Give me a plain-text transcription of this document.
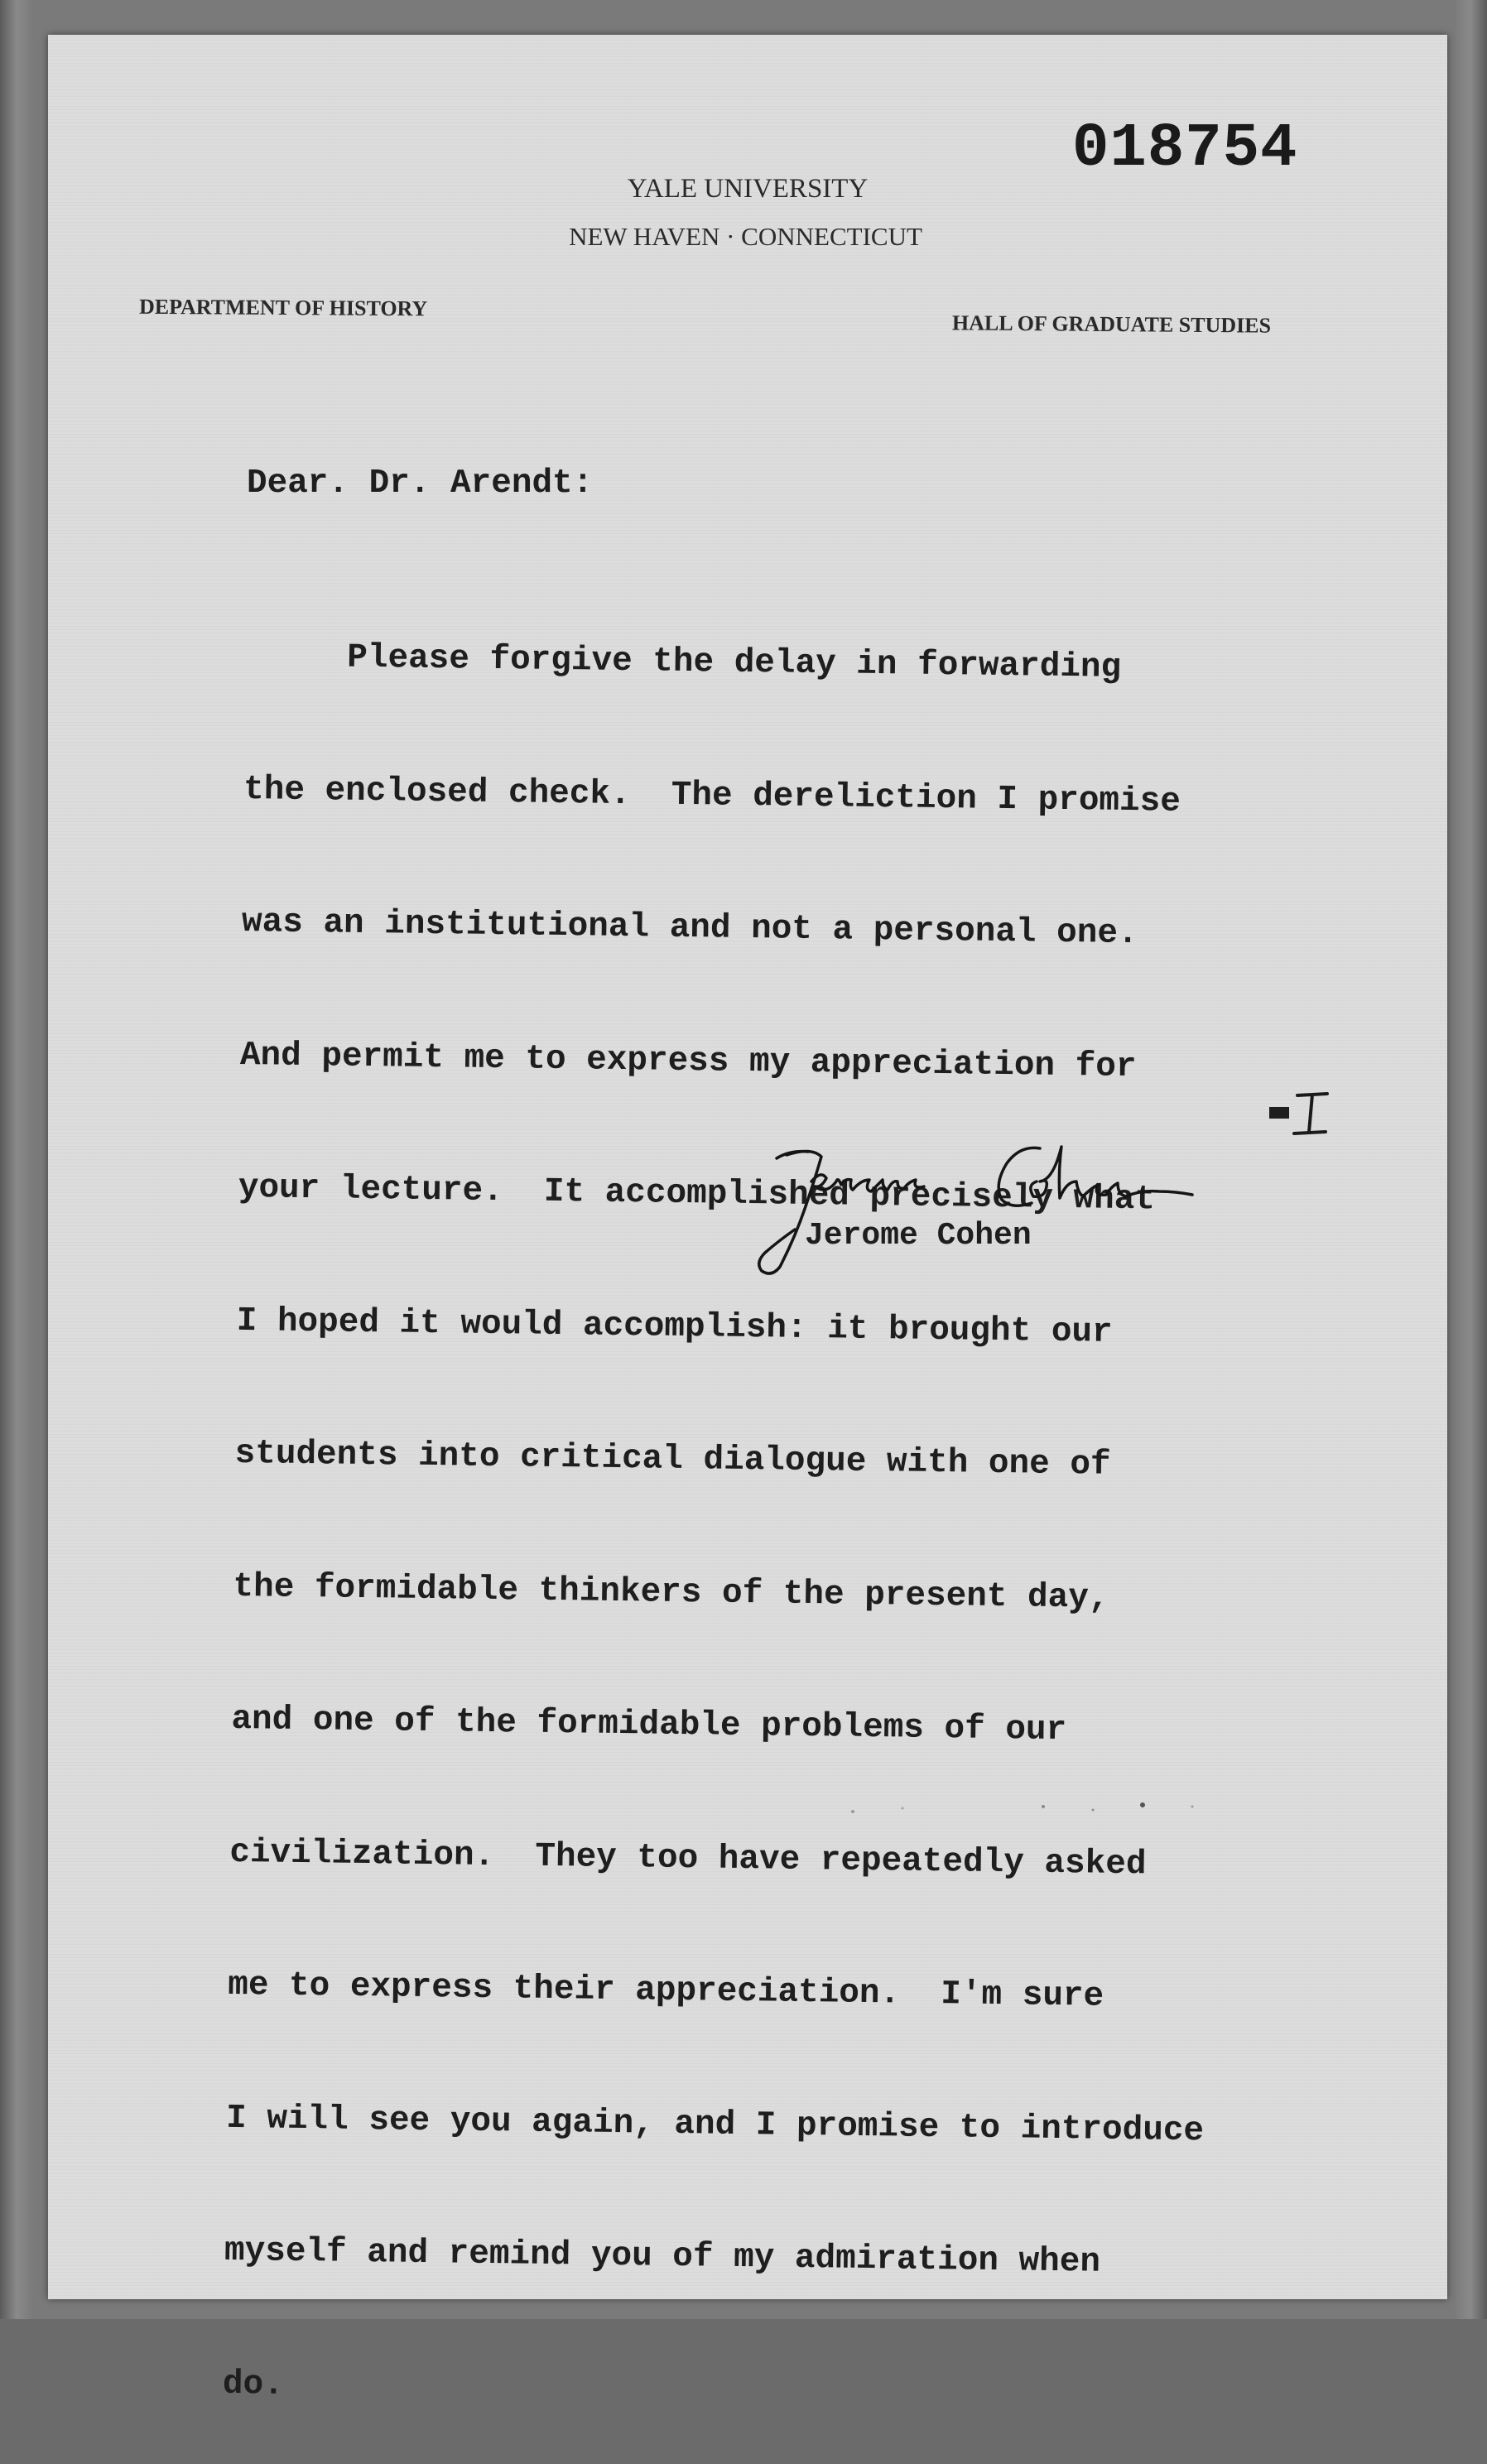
018754
YALE UNIVERSITY
NEW HAVEN · CONNECTICUT
DEPARTMENT OF HISTORY
HALL OF GRADUATE STUDIES
Dear. Dr. Arendt:

Please forgive the delay in forwarding

the enclosed check.  The dereliction I promise

was an institutional and not a personal one.

And permit me to express my appreciation for

your lecture.  It accomplished precisely what

I hoped it would accomplish: it brought our

students into critical dialogue with one of

the formidable thinkers of the present day,

and one of the formidable problems of our

civilization.  They too have repeatedly asked

me to express their appreciation.  I'm sure

I will see you again, and I promise to introduce

myself and remind you of my admiration when

do.

Jerome Cohen
